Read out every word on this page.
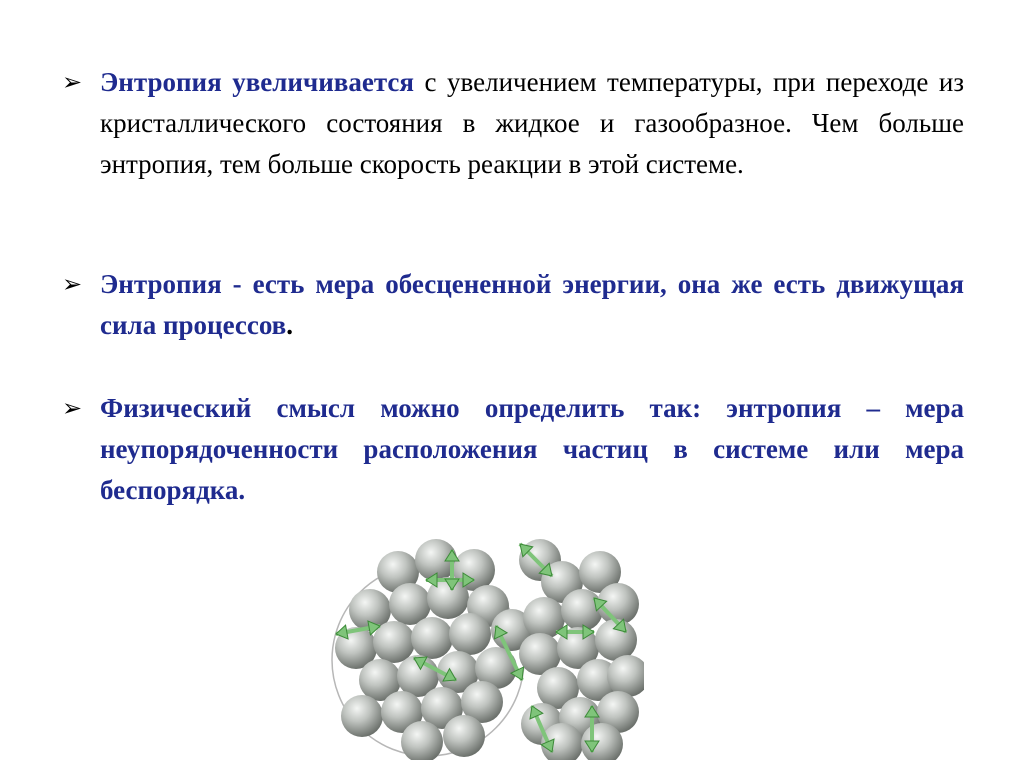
➢ Энтропия увеличивается с увеличением температуры, при переходе из кристаллического состояния в жидкое и газообразное. Чем больше энтропия, тем больше скорость реакции в этой системе.
➢ Энтропия - есть мера обесцененной энергии, она же есть движущая сила процессов.
➢ Физический смысл можно определить так: энтропия – мера неупорядоченности расположения частиц в системе или мера беспорядка.
